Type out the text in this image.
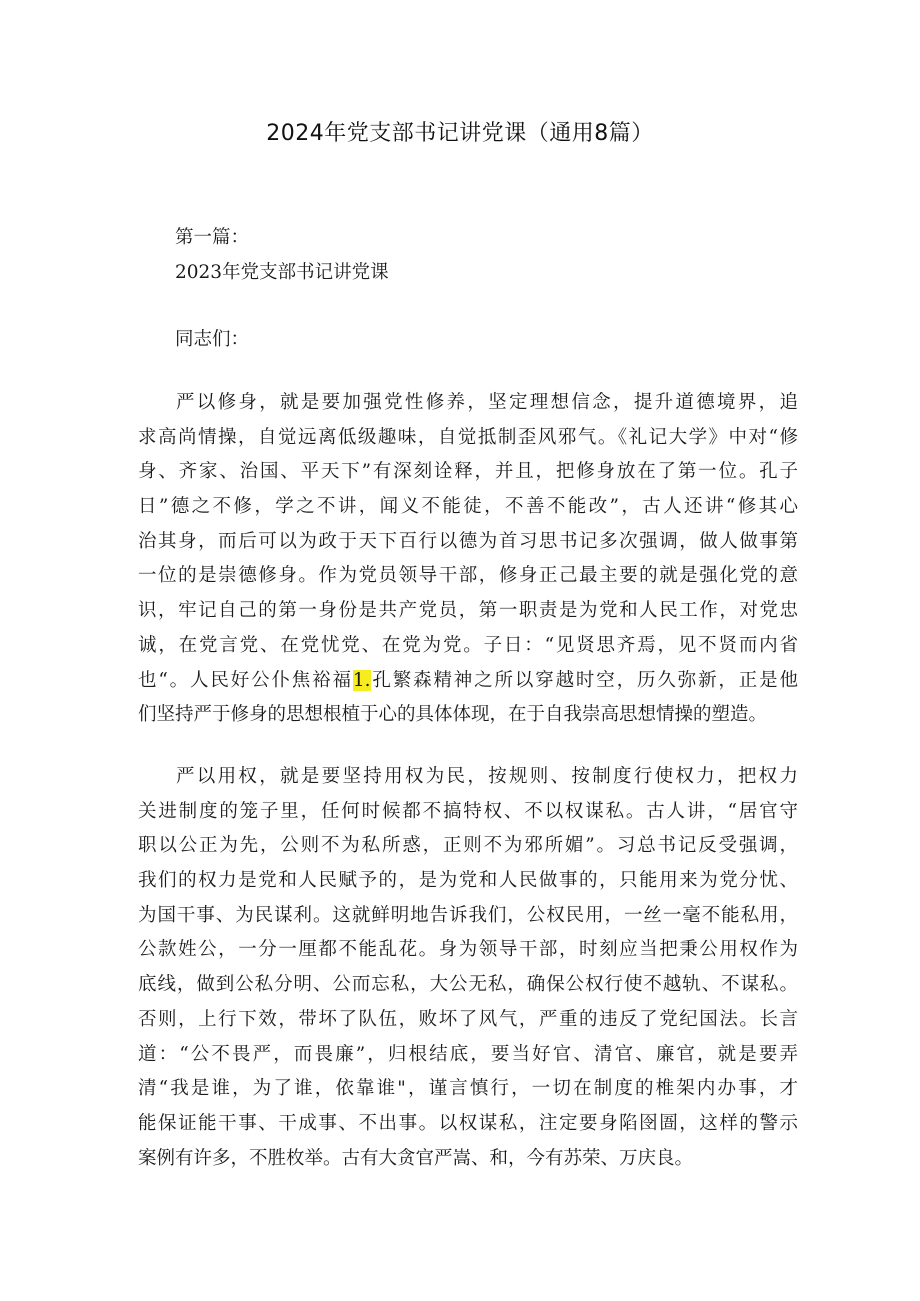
2024年党支部书记讲党课（通用8篇）
第一篇：
2023年党支部书记讲党课
同志们：
严以修身，就是要加强党性修养，坚定理想信念，提升道德境界，追
求高尚情操，自觉远离低级趣味，自觉抵制歪风邪气。《礼记大学》中对“修
身、齐家、治国、平天下”有深刻诠释，并且，把修身放在了第一位。孔子
日”德之不修，学之不讲，闻义不能徒，不善不能改”，古人还讲“修其心
治其身，而后可以为政于天下百行以德为首习思书记多次强调，做人做事第
一位的是崇德修身。作为党员领导干部，修身正己最主要的就是强化党的意
识，牢记自己的第一身份是共产党员，第一职责是为党和人民工作，对党忠
诚，在党言党、在党忧党、在党为党。子日：“见贤思齐焉，见不贤而内省
也“。人民好公仆焦裕福1.孔繁森精神之所以穿越时空，历久弥新，正是他
们坚持严于修身的思想根植于心的具体体现，在于自我崇高思想情操的塑造。
严以用权，就是要坚持用权为民，按规则、按制度行使权力，把权力
关进制度的笼子里，任何时候都不搞特权、不以权谋私。古人讲，“居官守
职以公正为先，公则不为私所惑，正则不为邪所媚”。习总书记反受强调，
我们的权力是党和人民赋予的，是为党和人民做事的，只能用来为党分忧、
为国干事、为民谋利。这就鲜明地告诉我们，公权民用，一丝一毫不能私用，
公款姓公，一分一厘都不能乱花。身为领导干部，时刻应当把秉公用权作为
底线，做到公私分明、公而忘私，大公无私，确保公权行使不越轨、不谋私。
否则，上行下效，带坏了队伍，败坏了风气，严重的违反了党纪国法。长言
道：“公不畏严，而畏廉”，归根结底，要当好官、清官、廉官，就是要弄
清“我是谁，为了谁，依靠谁"，谨言慎行，一切在制度的椎架内办事，才
能保证能干事、干成事、不出事。以权谋私，注定要身陷囹圄，这样的警示
案例有许多，不胜枚举。古有大贪官严嵩、和，今有苏荣、万庆良。
